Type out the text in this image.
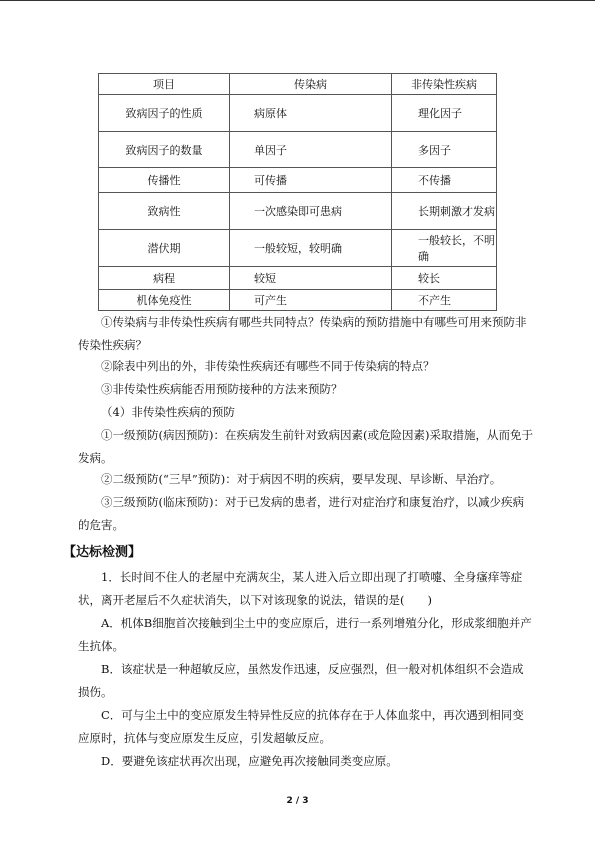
项目	传染病	非传染性疾病
致病因子的性质	病原体	理化因子
致病因子的数量	单因子	多因子
传播性	可传播	不传播
致病性	一次感染即可患病	长期刺激才发病
潜伏期	一般较短，较明确	一般较长，不明确
病程	较短	较长
机体免疫性	可产生	不产生
①传染病与非传染性疾病有哪些共同特点？传染病的预防措施中有哪些可用来预防非传染性疾病？
②除表中列出的外，非传染性疾病还有哪些不同于传染病的特点？
③非传染性疾病能否用预防接种的方法来预防？
（4）非传染性疾病的预防
①一级预防(病因预防)：在疾病发生前针对致病因素(或危险因素)采取措施，从而免于发病。
②二级预防(“三早”预防)：对于病因不明的疾病，要早发现、早诊断、早治疗。
③三级预防(临床预防)：对于已发病的患者，进行对症治疗和康复治疗，以减少疾病的危害。
【达标检测】
1．长时间不住人的老屋中充满灰尘，某人进入后立即出现了打喷嚏、全身瘙痒等症状，离开老屋后不久症状消失，以下对该现象的说法，错误的是(　　)
A．机体B细胞首次接触到尘土中的变应原后，进行一系列增殖分化，形成浆细胞并产生抗体。
B．该症状是一种超敏反应，虽然发作迅速，反应强烈，但一般对机体组织不会造成损伤。
C．可与尘土中的变应原发生特异性反应的抗体存在于人体血浆中，再次遇到相同变应原时，抗体与变应原发生反应，引发超敏反应。
D．要避免该症状再次出现，应避免再次接触同类变应原。
2 / 3
